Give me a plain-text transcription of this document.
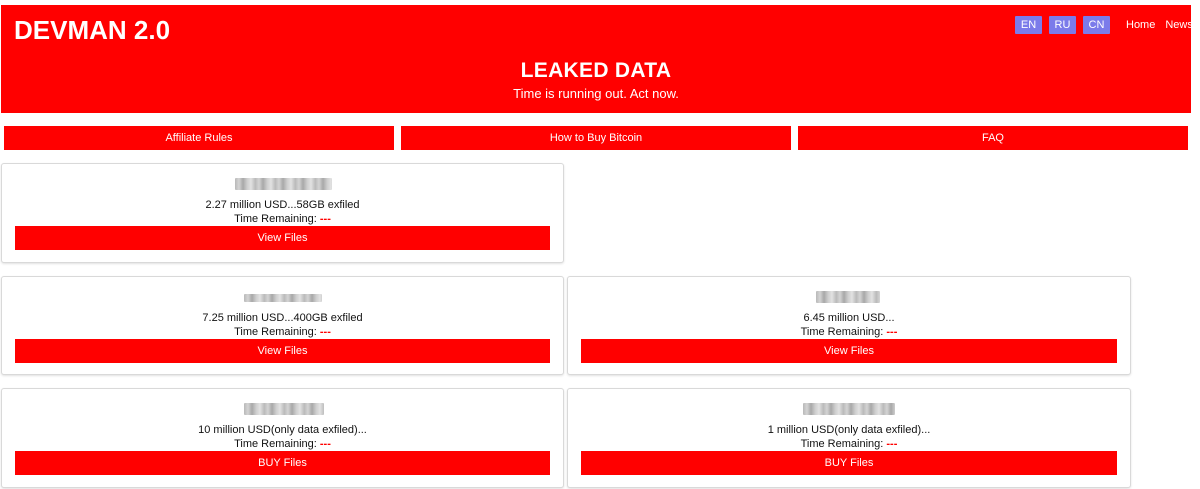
DEVMAN 2.0	EN	RU	CN	Home News
LEAKED DATA
Time is running out. Act now.
Affiliate Rules	How to Buy Bitcoin	FAQ
2.27 million USD...58GB exfiled
Time Remaining: ---
View Files
7.25 million USD...400GB exfiled
Time Remaining: ---
View Files
6.45 million USD...
Time Remaining: ---
View Files
10 million USD(only data exfiled)...
Time Remaining: ---
BUY Files
1 million USD(only data exfiled)...
Time Remaining: ---
BUY Files
